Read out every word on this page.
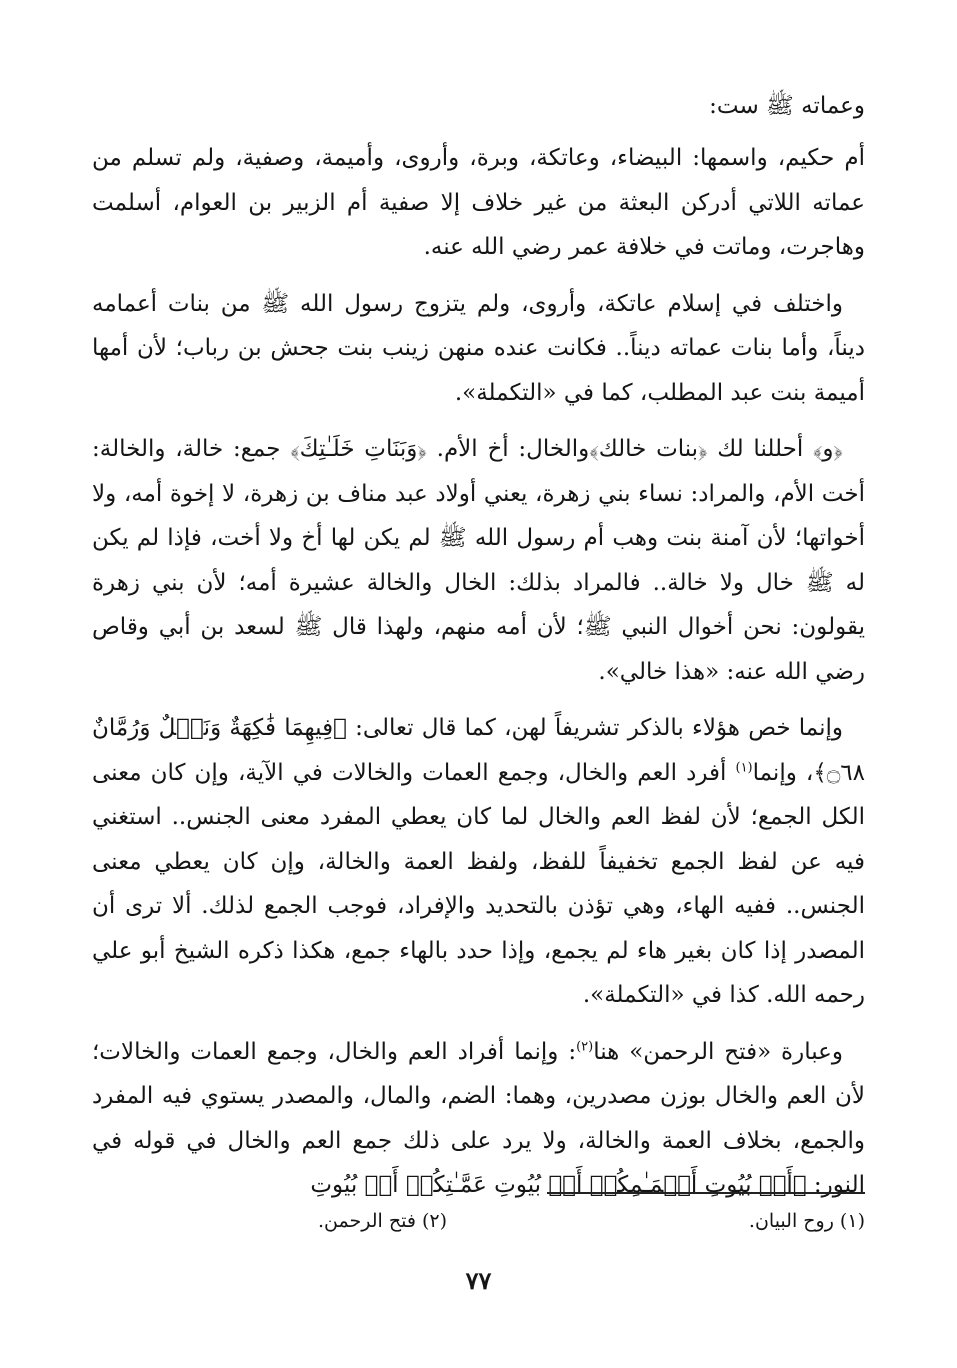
وعماته ﷺ ست:

أم حكيم، واسمها: البيضاء، وعاتكة، وبرة، وأروى، وأميمة، وصفية، ولم تسلم من عماته اللاتي أدركن البعثة من غير خلاف إلا صفية أم الزبير بن العوام، أسلمت وهاجرت، وماتت في خلافة عمر رضي الله عنه.

واختلف في إسلام عاتكة، وأروى، ولم يتزوج رسول الله ﷺ من بنات أعمامه ديناً، وأما بنات عماته ديناً.. فكانت عنده منهن زينب بنت جحش بن رباب؛ لأن أمها أميمة بنت عبد المطلب، كما في «التكملة».

﴿و﴾ أحللنا لك ﴿بنات خالك﴾والخال: أخ الأم. ﴿وَبَنَاتِ خَلَـٰتِكَ﴾ جمع: خالة، والخالة: أخت الأم، والمراد: نساء بني زهرة، يعني أولاد عبد مناف بن زهرة، لا إخوة أمه، ولا أخواتها؛ لأن آمنة بنت وهب أم رسول الله ﷺ لم يكن لها أخ ولا أخت، فإذا لم يكن له ﷺ خال ولا خالة.. فالمراد بذلك: الخال والخالة عشيرة أمه؛ لأن بني زهرة يقولون: نحن أخوال النبي ﷺ؛ لأن أمه منهم، ولهذا قال ﷺ لسعد بن أبي وقاص رضي الله عنه: «هذا خالي».

وإنما خص هؤلاء بالذكر تشريفاً لهن، كما قال تعالى: ﴿فِيهِمَا فَٰكِهَةٌ وَنَخۡلٌ وَرُمَّانٌ ۝٦٨﴾، وإنما$^{(١)}$ أفرد العم والخال، وجمع العمات والخالات في الآية، وإن كان معنى الكل الجمع؛ لأن لفظ العم والخال لما كان يعطي المفرد معنى الجنس.. استغني فيه عن لفظ الجمع تخفيفاً للفظ، ولفظ العمة والخالة، وإن كان يعطي معنى الجنس.. ففيه الهاء، وهي تؤذن بالتحديد والإفراد، فوجب الجمع لذلك. ألا ترى أن المصدر إذا كان بغير هاء لم يجمع، وإذا حدد بالهاء جمع، هكذا ذكره الشيخ أبو علي رحمه الله. كذا في «التكملة».

وعبارة «فتح الرحمن» هنا$^{(٢)}$: وإنما أفراد العم والخال، وجمع العمات والخالات؛ لأن العم والخال بوزن مصدرين، وهما: الضم، والمال، والمصدر يستوي فيه المفرد والجمع، بخلاف العمة والخالة، ولا يرد على ذلك جمع العم والخال في قوله في النور: ﴿أَوۡ بُيُوتِ أَعۡمَـٰمِكُمۡ أَوۡ بُيُوتِ عَمَّـٰتِكُمۡ أَوۡ بُيُوتِ

(١) روح البيان.
(٢) فتح الرحمن.
٧٧
